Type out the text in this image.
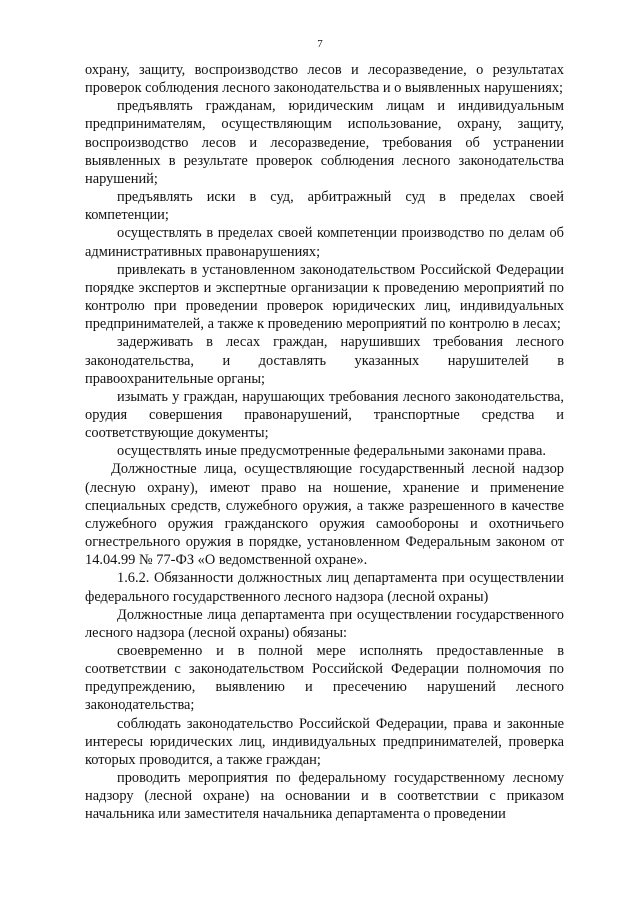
7

охрану, защиту, воспроизводство лесов и лесоразведение, о результатах проверок соблюдения лесного законодательства и о выявленных нарушениях;

предъявлять гражданам, юридическим лицам и индивидуальным предпринимателям, осуществляющим использование, охрану, защиту, воспроизводство лесов и лесоразведение, требования об устранении выявленных в результате проверок соблюдения лесного законодательства нарушений;

предъявлять иски в суд, арбитражный суд в пределах своей компетенции;

осуществлять в пределах своей компетенции производство по делам об административных правонарушениях;

привлекать в установленном законодательством Российской Федерации порядке экспертов и экспертные организации к проведению мероприятий по контролю при проведении проверок юридических лиц, индивидуальных предпринимателей, а также к проведению мероприятий по контролю в лесах;

задерживать в лесах граждан, нарушивших требования лесного законодательства, и доставлять указанных нарушителей в правоохранительные органы;

изымать у граждан, нарушающих требования лесного законодательства, орудия совершения правонарушений, транспортные средства и соответствующие документы;

осуществлять иные предусмотренные федеральными законами права.

Должностные лица, осуществляющие государственный лесной надзор (лесную охрану), имеют право на ношение, хранение и применение специальных средств, служебного оружия, а также разрешенного в качестве служебного оружия гражданского оружия самообороны и охотничьего огнестрельного оружия в порядке, установленном Федеральным законом от 14.04.99 № 77-ФЗ «О ведомственной охране».

1.6.2. Обязанности должностных лиц департамента при осуществлении федерального государственного лесного надзора (лесной охраны)

Должностные лица департамента при осуществлении государственного лесного надзора (лесной охраны) обязаны:

своевременно и в полной мере исполнять предоставленные в соответствии с законодательством Российской Федерации полномочия по предупреждению, выявлению и пресечению нарушений лесного законодательства;

соблюдать законодательство Российской Федерации, права и законные интересы юридических лиц, индивидуальных предпринимателей, проверка которых проводится, а также граждан;

проводить мероприятия по федеральному государственному лесному надзору (лесной охране) на основании и в соответствии с приказом начальника или заместителя начальника департамента о проведении
